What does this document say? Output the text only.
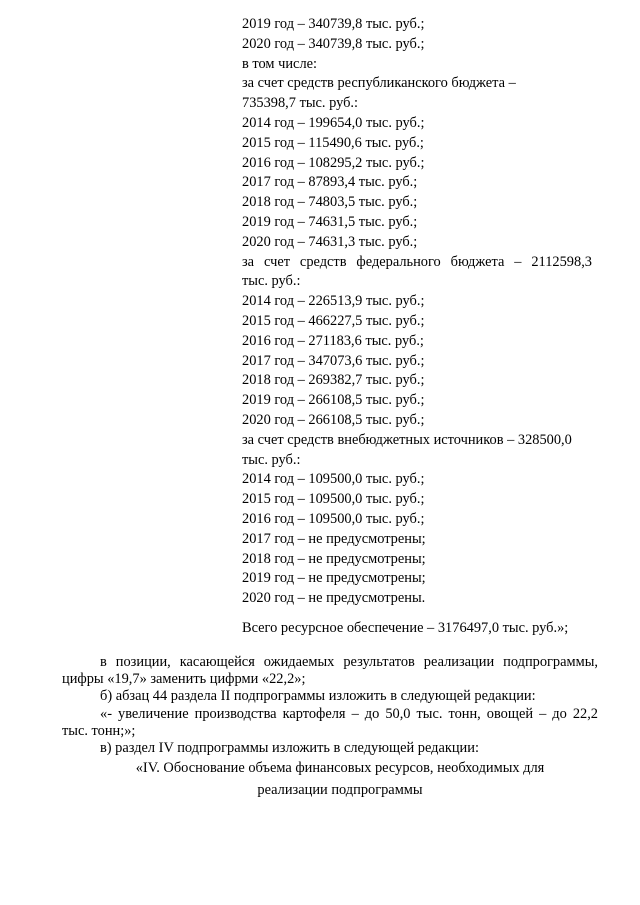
2019 год – 340739,8 тыс. руб.;
2020 год – 340739,8 тыс. руб.;
в том числе:
за счет средств республиканского бюджета –
735398,7 тыс. руб.:
2014 год – 199654,0 тыс. руб.;
2015 год – 115490,6 тыс. руб.;
2016 год – 108295,2 тыс. руб.;
2017 год – 87893,4 тыс. руб.;
2018 год – 74803,5 тыс. руб.;
2019 год – 74631,5 тыс. руб.;
2020 год – 74631,3 тыс. руб.;
за счет средств федерального бюджета – 2112598,3
тыс. руб.:
2014 год – 226513,9 тыс. руб.;
2015 год – 466227,5 тыс. руб.;
2016 год – 271183,6 тыс. руб.;
2017 год – 347073,6 тыс. руб.;
2018 год – 269382,7 тыс. руб.;
2019 год – 266108,5 тыс. руб.;
2020 год – 266108,5 тыс. руб.;
за счет средств внебюджетных источников – 328500,0
тыс. руб.:
2014 год – 109500,0 тыс. руб.;
2015 год – 109500,0 тыс. руб.;
2016 год – 109500,0 тыс. руб.;
2017 год – не предусмотрены;
2018 год – не предусмотрены;
2019 год – не предусмотрены;
2020 год – не предусмотрены.
Всего ресурсное обеспечение – 3176497,0 тыс. руб.»;

в позиции, касающейся ожидаемых результатов реализации подпрограммы, цифры «19,7» заменить цифрми «22,2»;

б) абзац 44 раздела II подпрограммы изложить в следующей редакции:

«- увеличение производства картофеля – до 50,0 тыс. тонн, овощей – до 22,2 тыс. тонн;»;

в) раздел IV подпрограммы изложить в следующей редакции:

«IV. Обоснование объема финансовых ресурсов, необходимых для

реализации подпрограммы
